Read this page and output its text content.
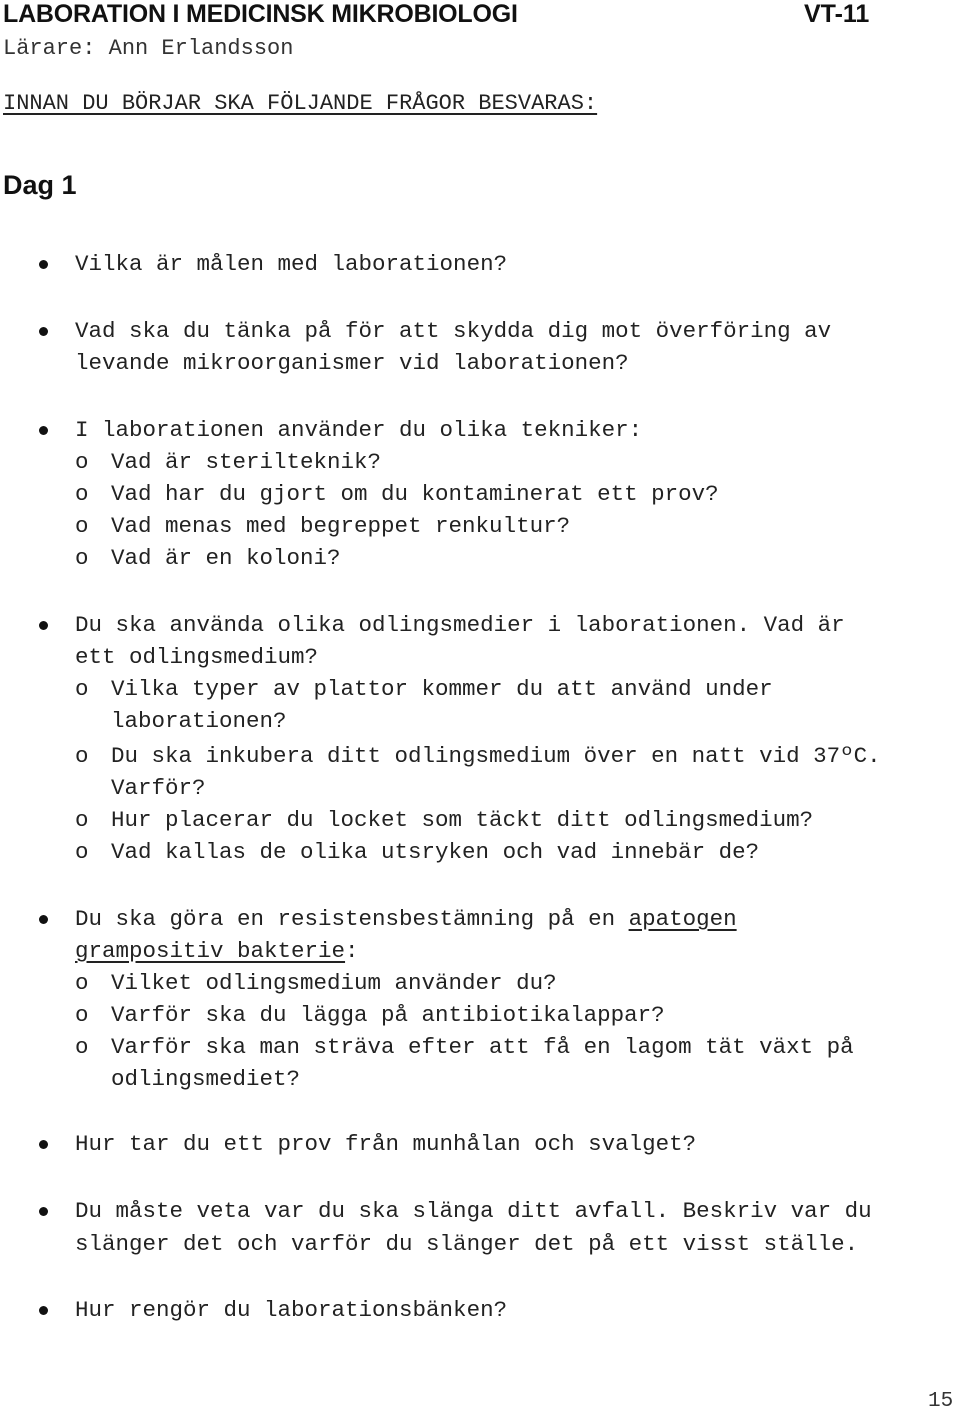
LABORATION I MEDICINSK MIKROBIOLOGI	VT-11
Lärare: Ann Erlandsson
INNAN DU BÖRJAR SKA FÖLJANDE FRÅGOR BESVARAS:
Dag 1
Vilka är målen med laborationen?
Vad ska du tänka på för att skydda dig mot överföring av
levande mikroorganismer vid laborationen?
I laborationen använder du olika tekniker:
o Vad är sterilteknik?
o Vad har du gjort om du kontaminerat ett prov?
o Vad menas med begreppet renkultur?
o Vad är en koloni?
Du ska använda olika odlingsmedier i laborationen. Vad är
ett odlingsmedium?
o Vilka typer av plattor kommer du att använd under
laborationen?
o Du ska inkubera ditt odlingsmedium över en natt vid 37ºC.
Varför?
o Hur placerar du locket som täckt ditt odlingsmedium?
o Vad kallas de olika utsryken och vad innebär de?
Du ska göra en resistensbestämning på en apatogen
grampositiv bakterie:
o Vilket odlingsmedium använder du?
o Varför ska du lägga på antibiotikalappar?
o Varför ska man sträva efter att få en lagom tät växt på
odlingsmediet?
Hur tar du ett prov från munhålan och svalget?
Du måste veta var du ska slänga ditt avfall. Beskriv var du
slänger det och varför du slänger det på ett visst ställe.
Hur rengör du laborationsbänken?
15
